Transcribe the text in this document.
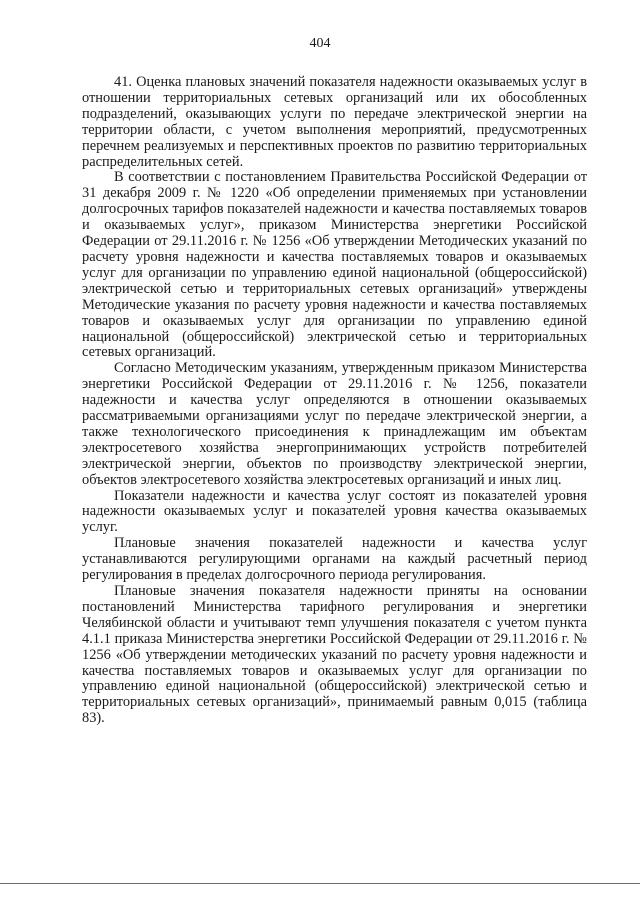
404

41. Оценка плановых значений показателя надежности оказываемых услуг в отношении территориальных сетевых организаций или их обособленных подразделений, оказывающих услуги по передаче электрической энергии на территории области, с учетом выполнения мероприятий, предусмотренных перечнем реализуемых и перспективных проектов по развитию территориальных распределительных сетей.

В соответствии с постановлением Правительства Российской Федерации от 31 декабря 2009 г. № 1220 «Об определении применяемых при установлении долгосрочных тарифов показателей надежности и качества поставляемых товаров и оказываемых услуг», приказом Министерства энергетики Российской Федерации от 29.11.2016 г. № 1256 «Об утверждении Методических указаний по расчету уровня надежности и качества поставляемых товаров и оказываемых услуг для организации по управлению единой национальной (общероссийской) электрической сетью и территориальных сетевых организаций» утверждены Методические указания по расчету уровня надежности и качества поставляемых товаров и оказываемых услуг для организации по управлению единой национальной (общероссийской) электрической сетью и территориальных сетевых организаций.

Согласно Методическим указаниям, утвержденным приказом Министерства энергетики Российской Федерации от 29.11.2016 г. № 1256, показатели надежности и качества услуг определяются в отношении оказываемых рассматриваемыми организациями услуг по передаче электрической энергии, а также технологического присоединения к принадлежащим им объектам электросетевого хозяйства энергопринимающих устройств потребителей электрической энергии, объектов по производству электрической энергии, объектов электросетевого хозяйства электросетевых организаций и иных лиц.

Показатели надежности и качества услуг состоят из показателей уровня надежности оказываемых услуг и показателей уровня качества оказываемых услуг.

Плановые значения показателей надежности и качества услуг устанавливаются регулирующими органами на каждый расчетный период регулирования в пределах долгосрочного периода регулирования.

Плановые значения показателя надежности приняты на основании постановлений Министерства тарифного регулирования и энергетики Челябинской области и учитывают темп улучшения показателя с учетом пункта 4.1.1 приказа Министерства энергетики Российской Федерации от 29.11.2016 г. № 1256 «Об утверждении методических указаний по расчету уровня надежности и качества поставляемых товаров и оказываемых услуг для организации по управлению единой национальной (общероссийской) электрической сетью и территориальных сетевых организаций», принимаемый равным 0,015 (таблица 83).
